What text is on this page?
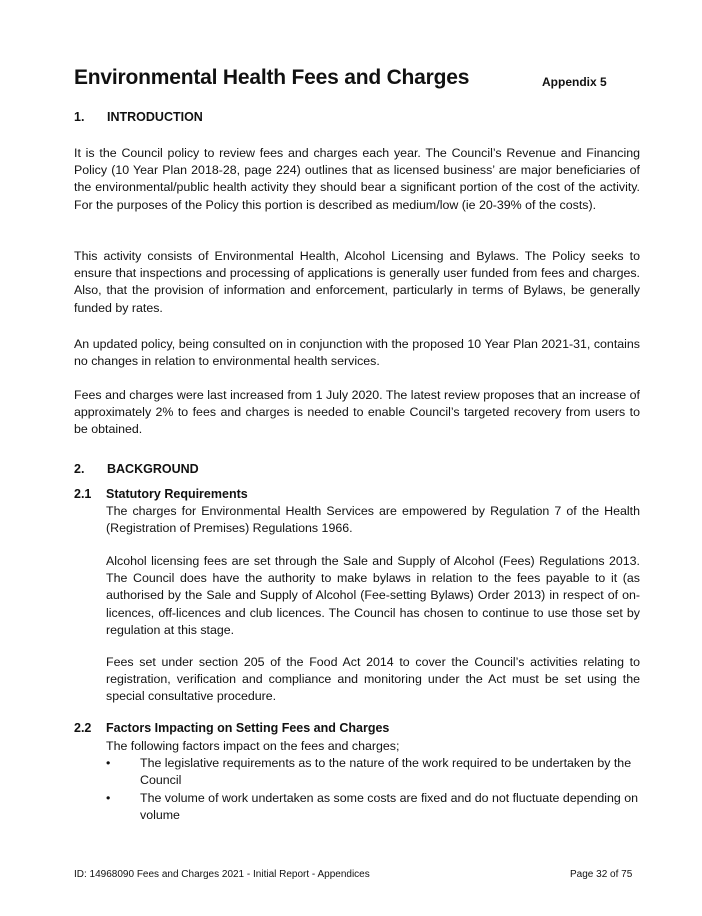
Environmental Health Fees and Charges	Appendix 5
1. INTRODUCTION

It is the Council policy to review fees and charges each year. The Council’s Revenue and Financing Policy (10 Year Plan 2018-28, page 224) outlines that as licensed business’ are major beneficiaries of the environmental/public health activity they should bear a significant portion of the cost of the activity. For the purposes of the Policy this portion is described as medium/low (ie 20-39% of the costs).

This activity consists of Environmental Health, Alcohol Licensing and Bylaws. The Policy seeks to ensure that inspections and processing of applications is generally user funded from fees and charges. Also, that the provision of information and enforcement, particularly in terms of Bylaws, be generally funded by rates.

An updated policy, being consulted on in conjunction with the proposed 10 Year Plan 2021-31, contains no changes in relation to environmental health services.

Fees and charges were last increased from 1 July 2020. The latest review proposes that an increase of approximately 2% to fees and charges is needed to enable Council’s targeted recovery from users to be obtained.

2. BACKGROUND
2.1 Statutory Requirements

The charges for Environmental Health Services are empowered by Regulation 7 of the Health (Registration of Premises) Regulations 1966.

Alcohol licensing fees are set through the Sale and Supply of Alcohol (Fees) Regulations 2013. The Council does have the authority to make bylaws in relation to the fees payable to it (as authorised by the Sale and Supply of Alcohol (Fee-setting Bylaws) Order 2013) in respect of on-licences, off-licences and club licences. The Council has chosen to continue to use those set by regulation at this stage.

Fees set under section 205 of the Food Act 2014 to cover the Council’s activities relating to registration, verification and compliance and monitoring under the Act must be set using the special consultative procedure.

2.2 Factors Impacting on Setting Fees and Charges

The following factors impact on the fees and charges;

• The legislative requirements as to the nature of the work required to be undertaken by the Council
• The volume of work undertaken as some costs are fixed and do not fluctuate depending on volume
ID: 14968090 Fees and Charges 2021 - Initial Report - Appendices	Page 32 of 75
